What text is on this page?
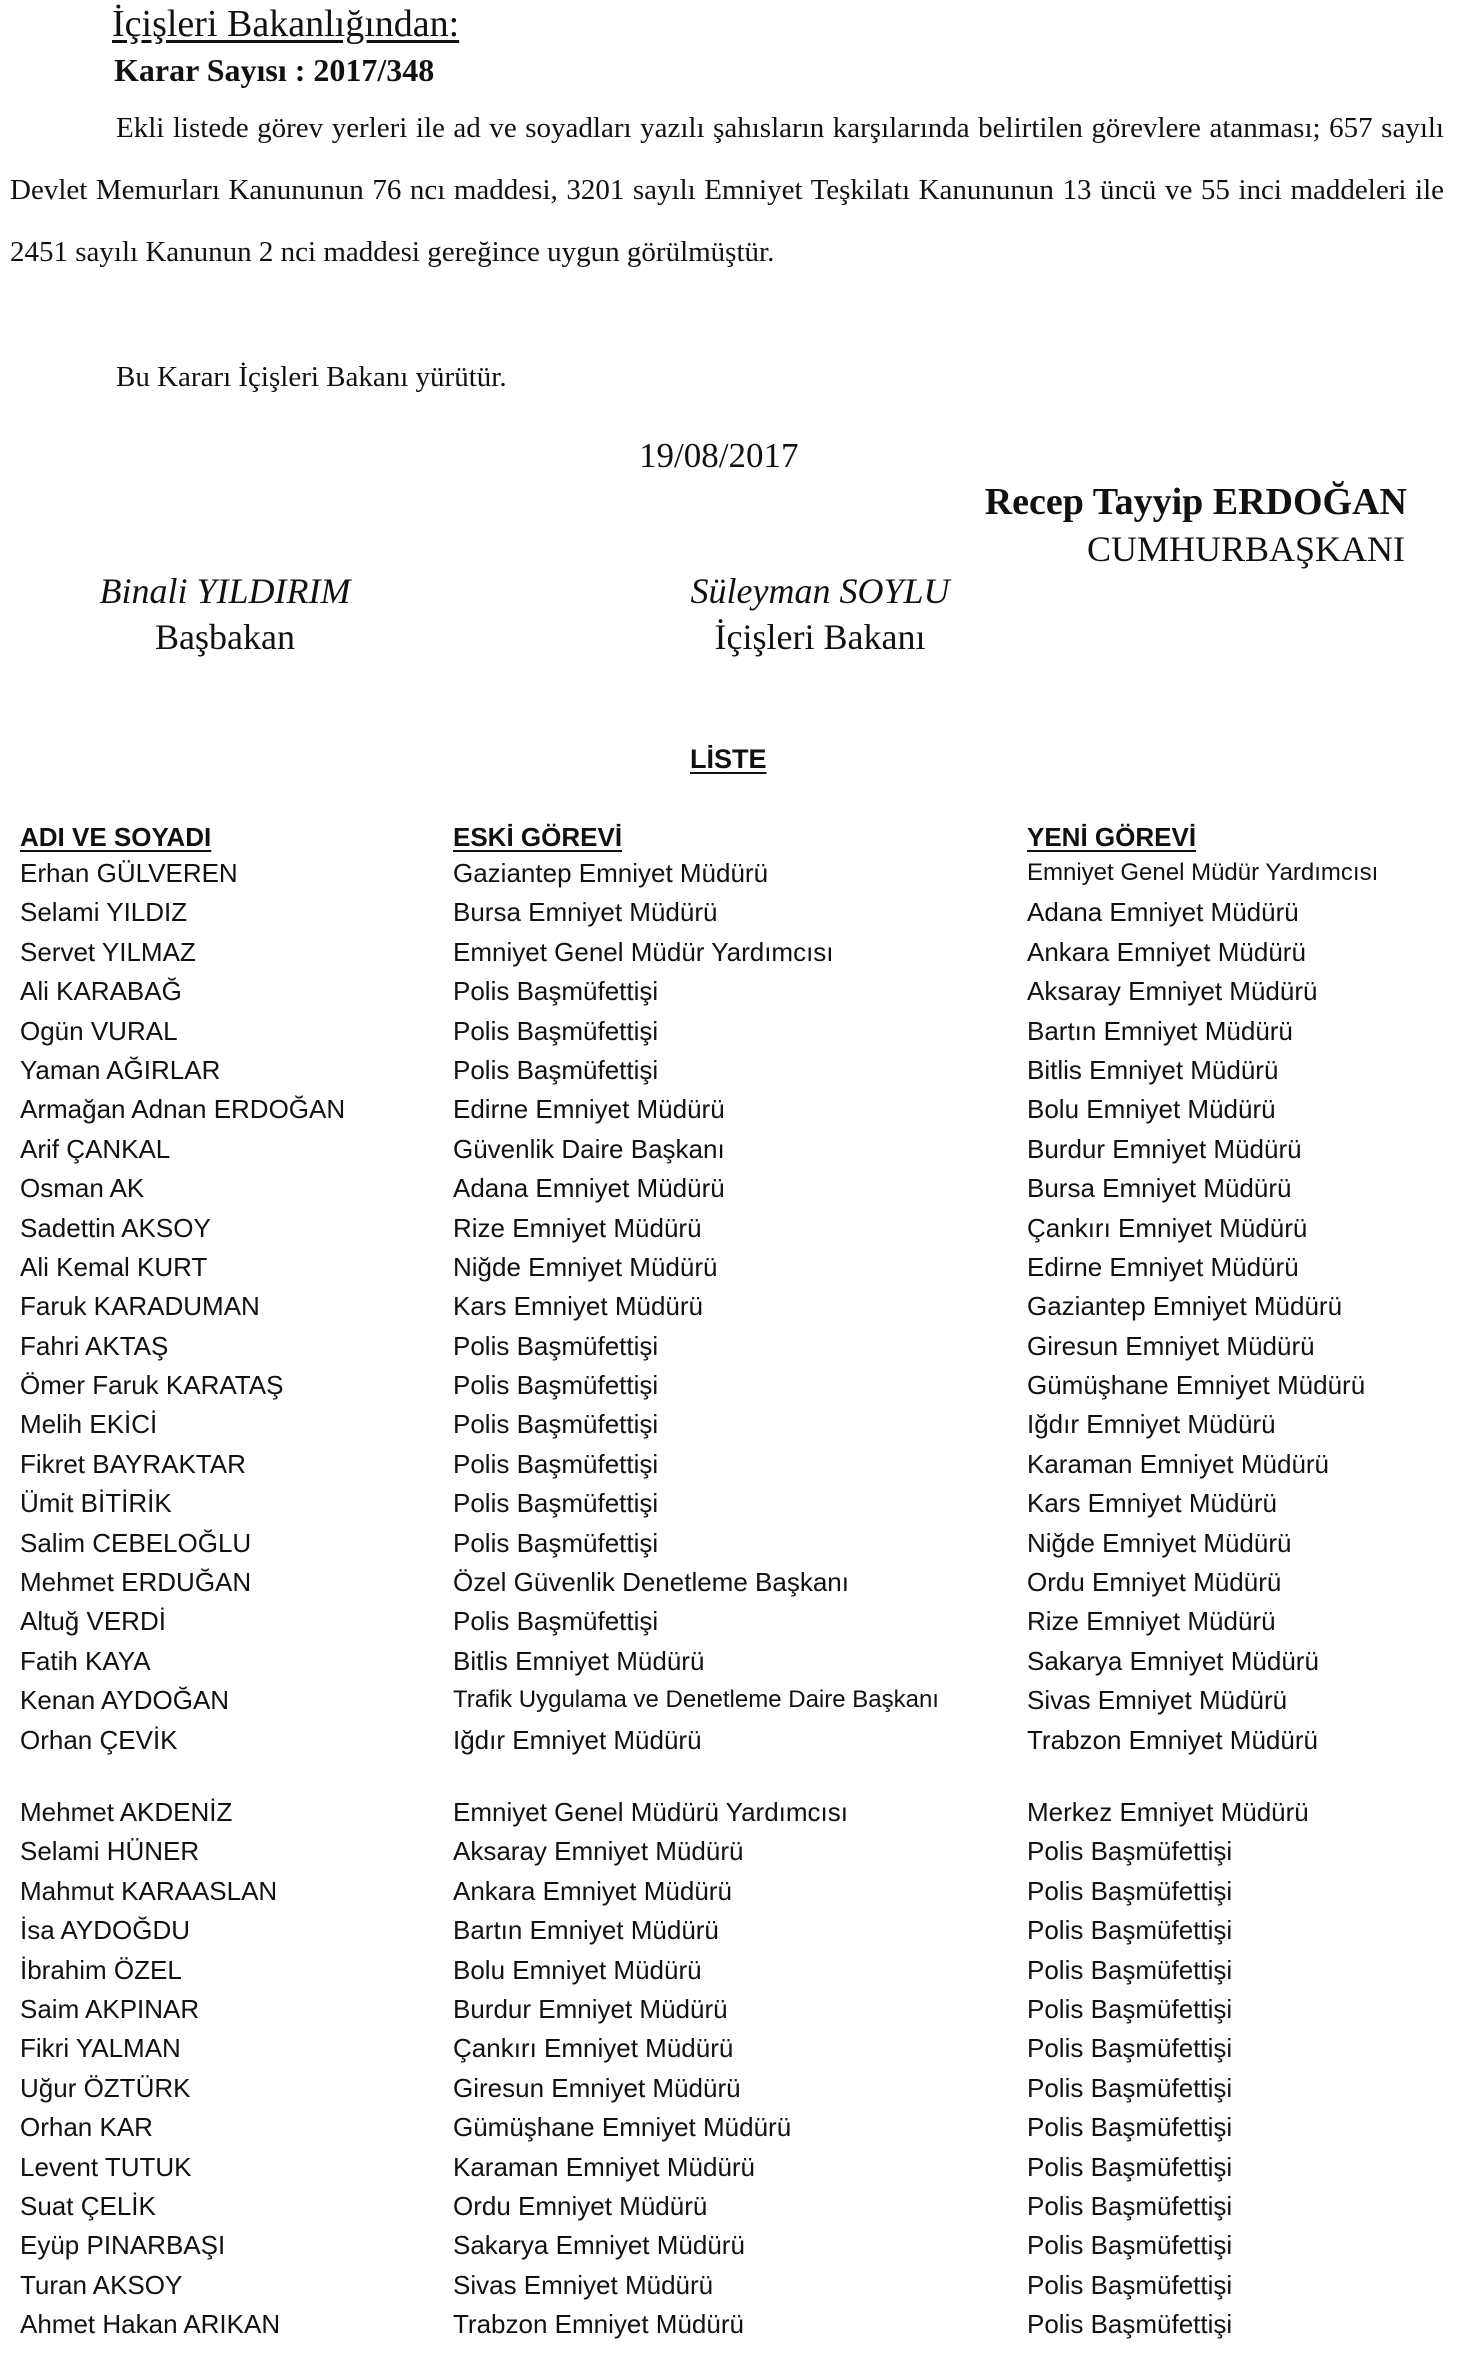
İçişleri Bakanlığından:
Karar Sayısı : 2017/348

Ekli listede görev yerleri ile ad ve soyadları yazılı şahısların karşılarında belirtilen görevlere atanması; 657 sayılı Devlet Memurları Kanununun 76 ncı maddesi, 3201 sayılı Emniyet Teşkilatı Kanununun 13 üncü ve 55 inci maddeleri ile 2451 sayılı Kanunun 2 nci maddesi gereğince uygun görülmüştür.

Bu Kararı İçişleri Bakanı yürütür.
19/08/2017
Recep Tayyip ERDOĞAN
CUMHURBAŞKANI
Binali YILDIRIM
Başbakan
Süleyman SOYLU
İçişleri Bakanı
LİSTE
ADI VE SOYADI	ESKİ GÖREVİ	YENİ GÖREVİ
Erhan GÜLVEREN	Gaziantep Emniyet Müdürü	Emniyet Genel Müdür Yardımcısı
Selami YILDIZ	Bursa Emniyet Müdürü	Adana Emniyet Müdürü
Servet YILMAZ	Emniyet Genel Müdür Yardımcısı	Ankara Emniyet Müdürü
Ali KARABAĞ	Polis Başmüfettişi	Aksaray Emniyet Müdürü
Ogün VURAL	Polis Başmüfettişi	Bartın Emniyet Müdürü
Yaman AĞIRLAR	Polis Başmüfettişi	Bitlis Emniyet Müdürü
Armağan Adnan ERDOĞAN	Edirne Emniyet Müdürü	Bolu Emniyet Müdürü
Arif ÇANKAL	Güvenlik Daire Başkanı	Burdur Emniyet Müdürü
Osman AK	Adana Emniyet Müdürü	Bursa Emniyet Müdürü
Sadettin AKSOY	Rize Emniyet Müdürü	Çankırı Emniyet Müdürü
Ali Kemal KURT	Niğde Emniyet Müdürü	Edirne Emniyet Müdürü
Faruk KARADUMAN	Kars Emniyet Müdürü	Gaziantep Emniyet Müdürü
Fahri AKTAŞ	Polis Başmüfettişi	Giresun Emniyet Müdürü
Ömer Faruk KARATAŞ	Polis Başmüfettişi	Gümüşhane Emniyet Müdürü
Melih EKİCİ	Polis Başmüfettişi	Iğdır Emniyet Müdürü
Fikret BAYRAKTAR	Polis Başmüfettişi	Karaman Emniyet Müdürü
Ümit BİTİRİK	Polis Başmüfettişi	Kars Emniyet Müdürü
Salim CEBELOĞLU	Polis Başmüfettişi	Niğde Emniyet Müdürü
Mehmet ERDUĞAN	Özel Güvenlik Denetleme Başkanı	Ordu Emniyet Müdürü
Altuğ VERDİ	Polis Başmüfettişi	Rize Emniyet Müdürü
Fatih KAYA	Bitlis Emniyet Müdürü	Sakarya Emniyet Müdürü
Kenan AYDOĞAN	Trafik Uygulama ve Denetleme Daire Başkanı	Sivas Emniyet Müdürü
Orhan ÇEVİK	Iğdır Emniyet Müdürü	Trabzon Emniyet Müdürü
Mehmet AKDENİZ	Emniyet Genel Müdürü Yardımcısı	Merkez Emniyet Müdürü
Selami HÜNER	Aksaray Emniyet Müdürü	Polis Başmüfettişi
Mahmut KARAASLAN	Ankara Emniyet Müdürü	Polis Başmüfettişi
İsa AYDOĞDU	Bartın Emniyet Müdürü	Polis Başmüfettişi
İbrahim ÖZEL	Bolu Emniyet Müdürü	Polis Başmüfettişi
Saim AKPINAR	Burdur Emniyet Müdürü	Polis Başmüfettişi
Fikri YALMAN	Çankırı Emniyet Müdürü	Polis Başmüfettişi
Uğur ÖZTÜRK	Giresun Emniyet Müdürü	Polis Başmüfettişi
Orhan KAR	Gümüşhane Emniyet Müdürü	Polis Başmüfettişi
Levent TUTUK	Karaman Emniyet Müdürü	Polis Başmüfettişi
Suat ÇELİK	Ordu Emniyet Müdürü	Polis Başmüfettişi
Eyüp PINARBAŞI	Sakarya Emniyet Müdürü	Polis Başmüfettişi
Turan AKSOY	Sivas Emniyet Müdürü	Polis Başmüfettişi
Ahmet Hakan ARIKAN	Trabzon Emniyet Müdürü	Polis Başmüfettişi
